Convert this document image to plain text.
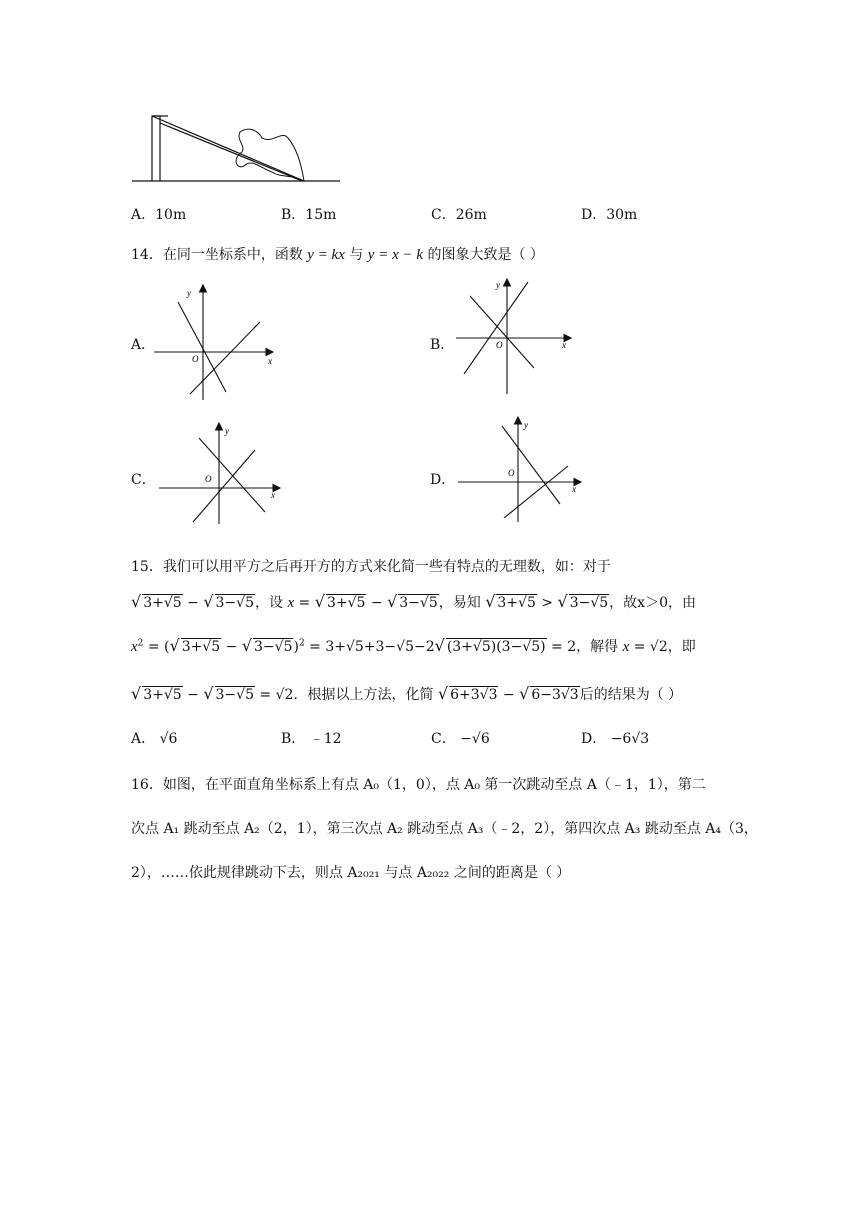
A．10m	B．15m	C．26m	D．30m
14．在同一坐标系中，函数 y = kx 与 y = x − k 的图象大致是（ ）
A．	B．
C．	D．
x
y
O
x
y
O
x
y
O
x
y
O
15．我们可以用平方之后再开方的方式来化简一些有特点的无理数，如：对于
√ 3+√5 − √ 3−√5，设 x = √ 3+√5 − √ 3−√5，易知 √ 3+√5 > √ 3−√5，故x＞0，由
$x^2$ = (√ 3+√5 − √ 3−√5)$^2$ = 3+√5+3−√5−2√ (3+√5)(3−√5) = 2，解得 x = √2，即
√ 3+√5 − √ 3−√5 = √2．根据以上方法，化简 √ 6+3√3 − √ 6−3√3后的结果为（ ）
A． √6	B． ﹣12	C． −√6	D． −6√3
16．如图，在平面直角坐标系上有点 A₀（1，0），点 A₀ 第一次跳动至点 A（﹣1，1），第二
次点 A₁ 跳动至点 A₂（2，1），第三次点 A₂ 跳动至点 A₃（﹣2，2），第四次点 A₃ 跳动至点 A₄（3，
2），……依此规律跳动下去，则点 A₂₀₂₁ 与点 A₂₀₂₂ 之间的距离是（ ）
